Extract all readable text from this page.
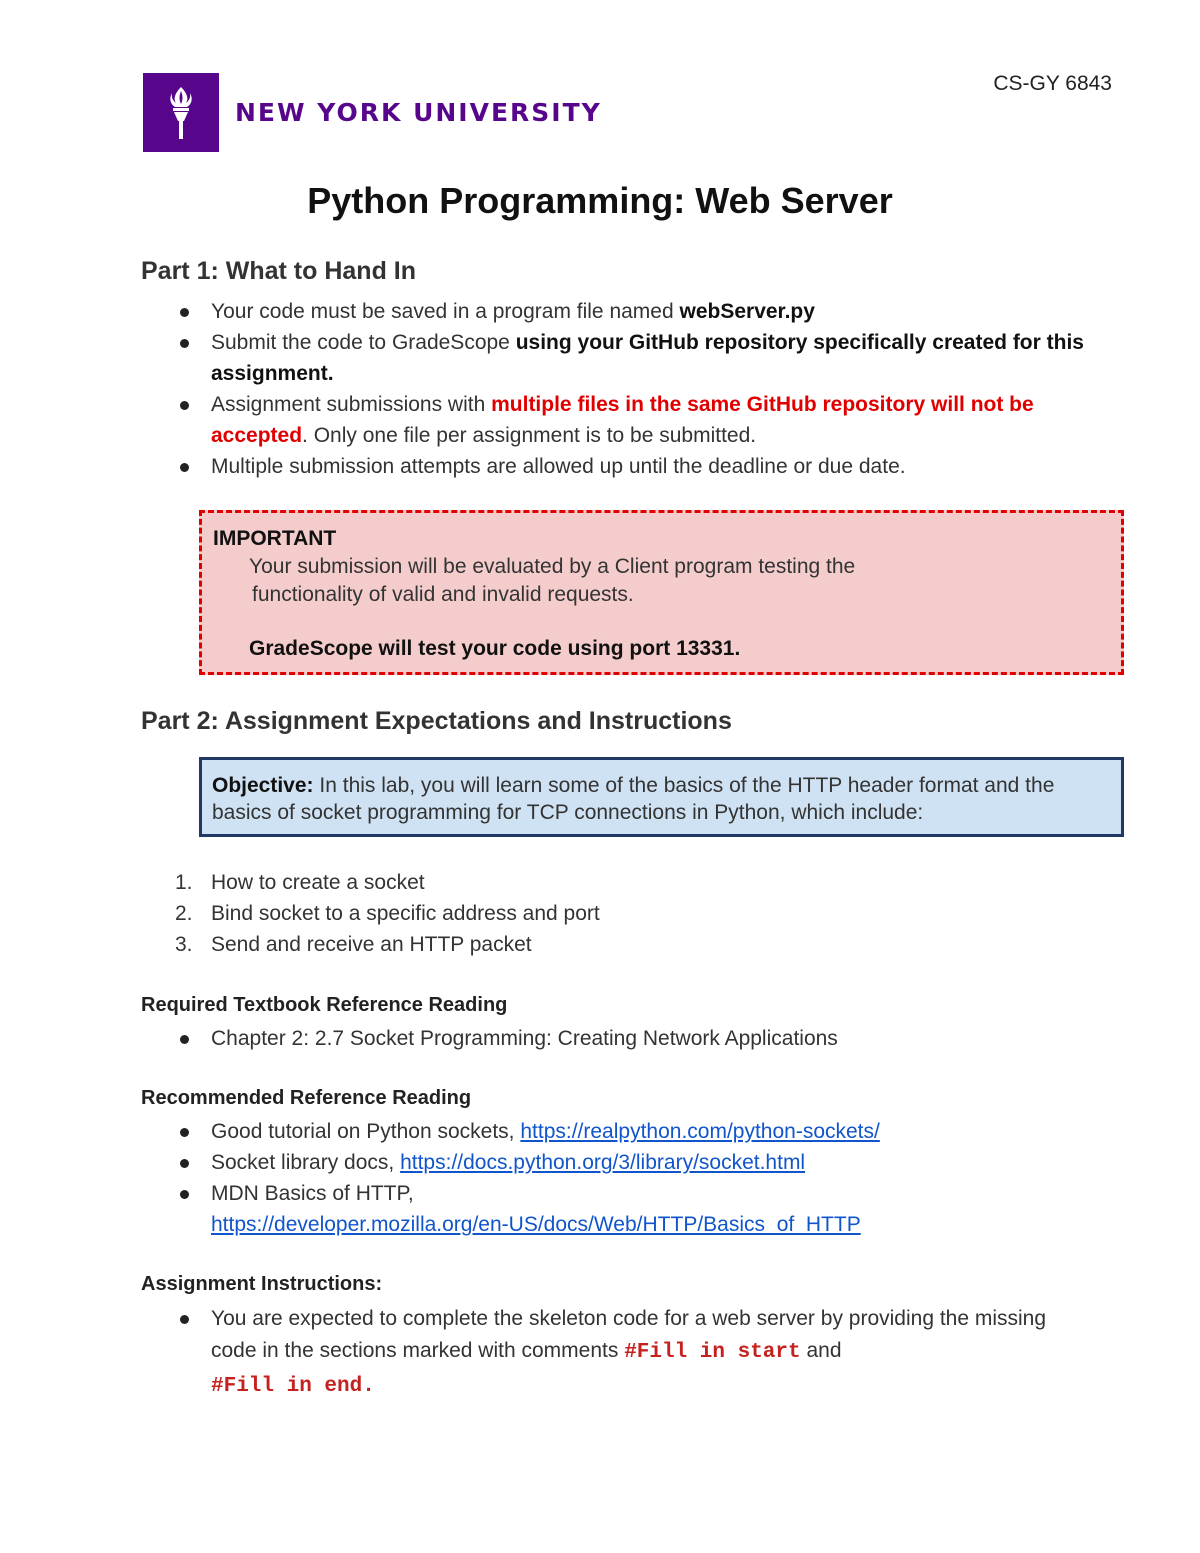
NEW YORK UNIVERSITY
CS-GY 6843
Python Programming: Web Server
Part 1: What to Hand In
Your code must be saved in a program file named webServer.py
Submit the code to GradeScope using your GitHub repository specifically created for this assignment.
Assignment submissions with multiple files in the same GitHub repository will not be accepted. Only one file per assignment is to be submitted.
Multiple submission attempts are allowed up until the deadline or due date.
IMPORTANT
Your submission will be evaluated by a Client program testing the
functionality of valid and invalid requests.
GradeScope will test your code using port 13331.
Part 2: Assignment Expectations and Instructions
Objective: In this lab, you will learn some of the basics of the HTTP header format and the basics of socket programming for TCP connections in Python, which include:
1. How to create a socket
2. Bind socket to a specific address and port
3. Send and receive an HTTP packet
Required Textbook Reference Reading
Chapter 2: 2.7 Socket Programming: Creating Network Applications
Recommended Reference Reading
Good tutorial on Python sockets, https://realpython.com/python-sockets/
Socket library docs, https://docs.python.org/3/library/socket.html
MDN Basics of HTTP,
https://developer.mozilla.org/en-US/docs/Web/HTTP/Basics_of_HTTP
Assignment Instructions:
You are expected to complete the skeleton code for a web server by providing the missing code in the sections marked with comments #Fill in start and
#Fill in end.
